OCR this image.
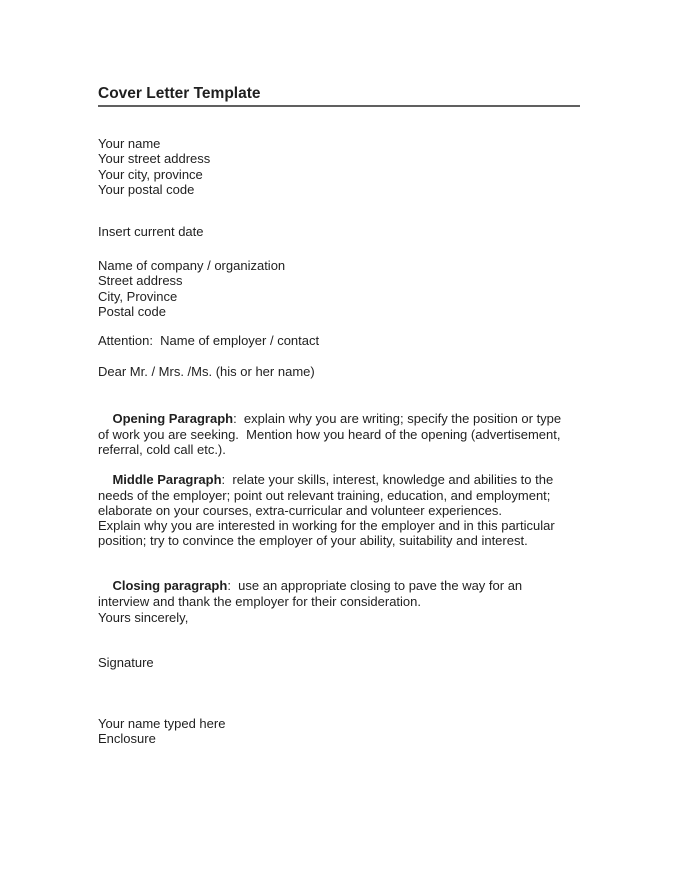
Cover Letter Template
Your name
Your street address
Your city, province
Your postal code

Insert current date

Name of company / organization
Street address
City, Province
Postal code

Attention:  Name of employer / contact

Dear Mr. / Mrs. /Ms. (his or her name)

Opening Paragraph:  explain why you are writing; specify the position or type of work you are seeking.  Mention how you heard of the opening (advertisement, referral, cold call etc.).

Middle Paragraph:  relate your skills, interest, knowledge and abilities to the needs of the employer; point out relevant training, education, and employment; elaborate on your courses, extra-curricular and volunteer experiences.

Explain why you are interested in working for the employer and in this particular position; try to convince the employer of your ability, suitability and interest.

Closing paragraph:  use an appropriate closing to pave the way for an interview and thank the employer for their consideration.

Yours sincerely,

Signature

Your name typed here
Enclosure
